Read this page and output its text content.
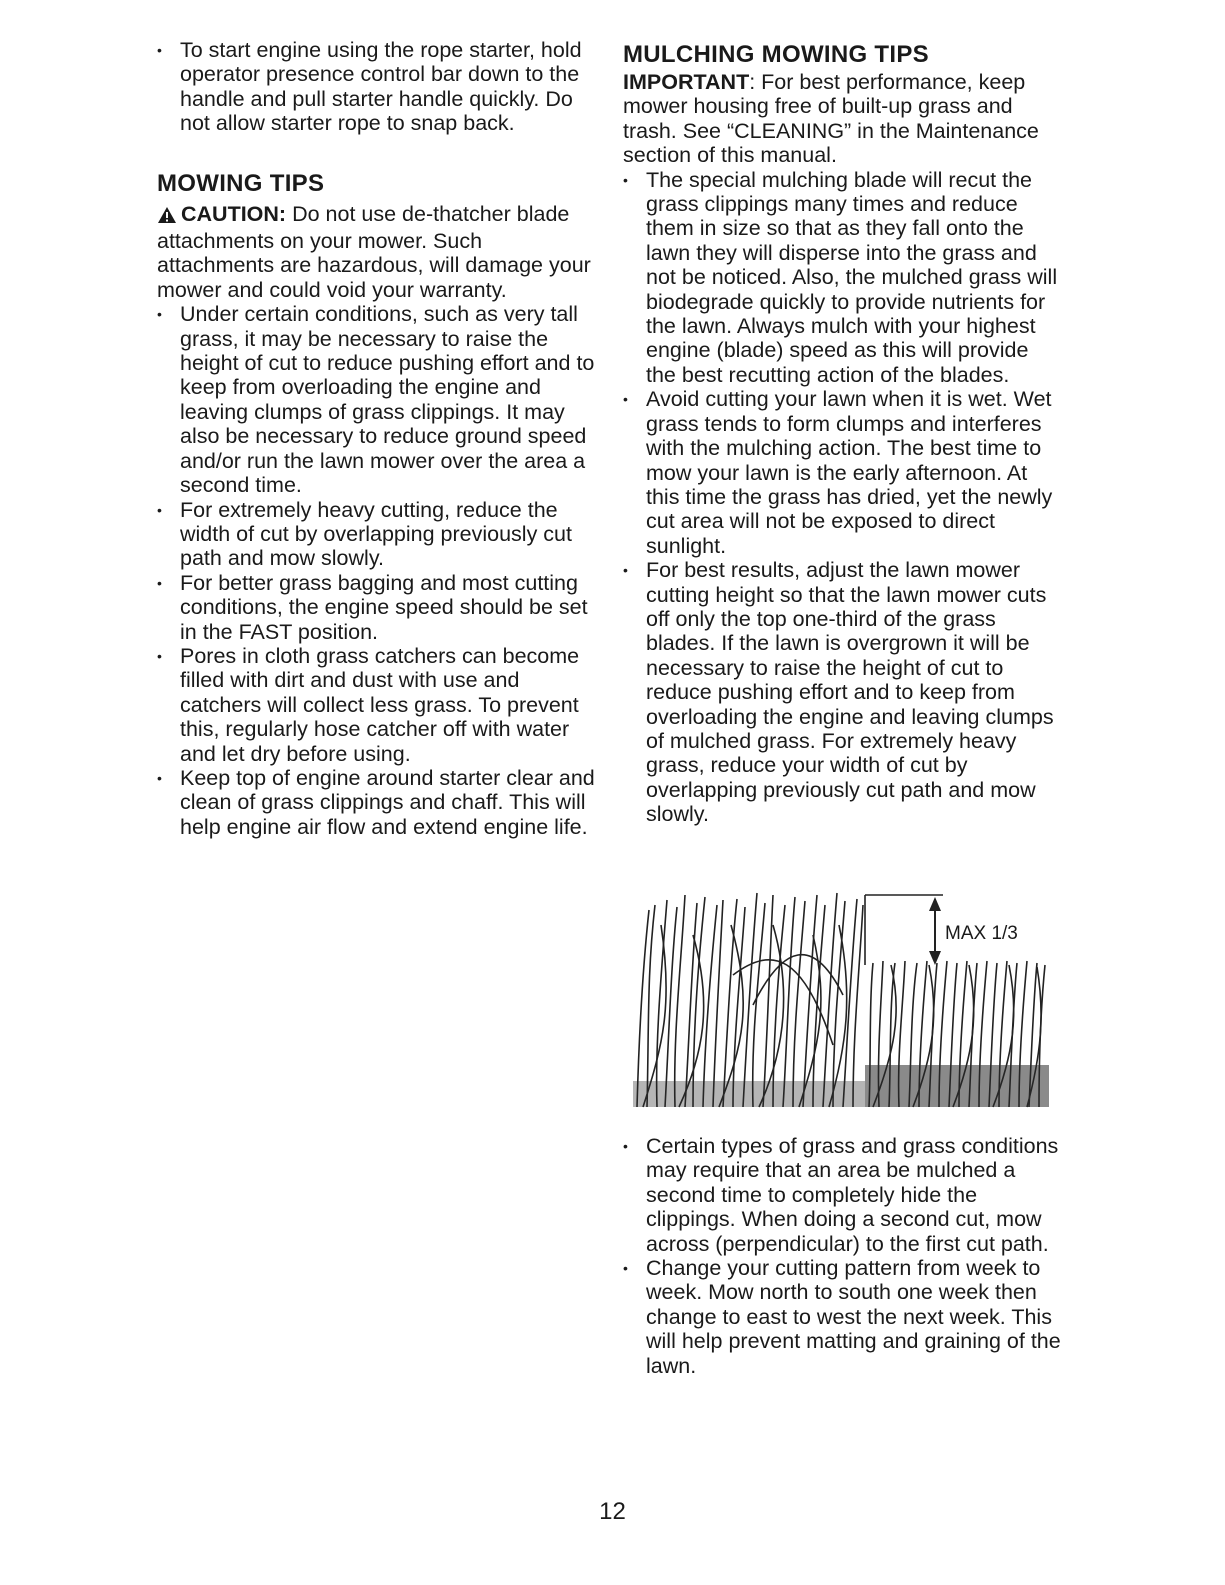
• To start engine using the rope starter, hold operator presence control bar down to the handle and pull starter handle quickly. Do not allow starter rope to snap back.
MOWING TIPS

CAUTION: Do not use de-thatcher blade attachments on your mower. Such attachments are hazardous, will damage your mower and could void your warranty.

• Under certain conditions, such as very tall grass, it may be necessary to raise the height of cut to reduce pushing effort and to keep from overloading the engine and leaving clumps of grass clippings. It may also be necessary to reduce ground speed and/or run the lawn mower over the area a second time.
• For extremely heavy cutting, reduce the width of cut by overlapping previously cut path and mow slowly.
• For better grass bagging and most cutting conditions, the engine speed should be set in the FAST position.
• Pores in cloth grass catchers can become filled with dirt and dust with use and catchers will collect less grass. To prevent this, regularly hose catcher off with water and let dry before using.
• Keep top of engine around starter clear and clean of grass clippings and chaff. This will help engine air flow and extend engine life.
MULCHING MOWING TIPS

IMPORTANT: For best performance, keep mower housing free of built-up grass and trash. See “CLEANING” in the Maintenance section of this manual.

• The special mulching blade will recut the grass clippings many times and reduce them in size so that as they fall onto the lawn they will disperse into the grass and not be noticed. Also, the mulched grass will biodegrade quickly to provide nutrients for the lawn. Always mulch with your highest engine (blade) speed as this will provide the best recutting action of the blades.
• Avoid cutting your lawn when it is wet. Wet grass tends to form clumps and interferes with the mulching action. The best time to mow your lawn is the early afternoon. At this time the grass has dried, yet the newly cut area will not be exposed to direct sunlight.
• For best results, adjust the lawn mower cutting height so that the lawn mower cuts off only the top one-third of the grass blades. If the lawn is overgrown it will be necessary to raise the height of cut to reduce pushing effort and to keep from overloading the engine and leaving clumps of mulched grass. For extremely heavy grass, reduce your width of cut by overlapping previously cut path and mow slowly.
MAX 1/3
• Certain types of grass and grass conditions may require that an area be mulched a second time to completely hide the clippings. When doing a second cut, mow across (perpendicular) to the first cut path.
• Change your cutting pattern from week to week. Mow north to south one week then change to east to west the next week. This will help prevent matting and graining of the lawn.
12
